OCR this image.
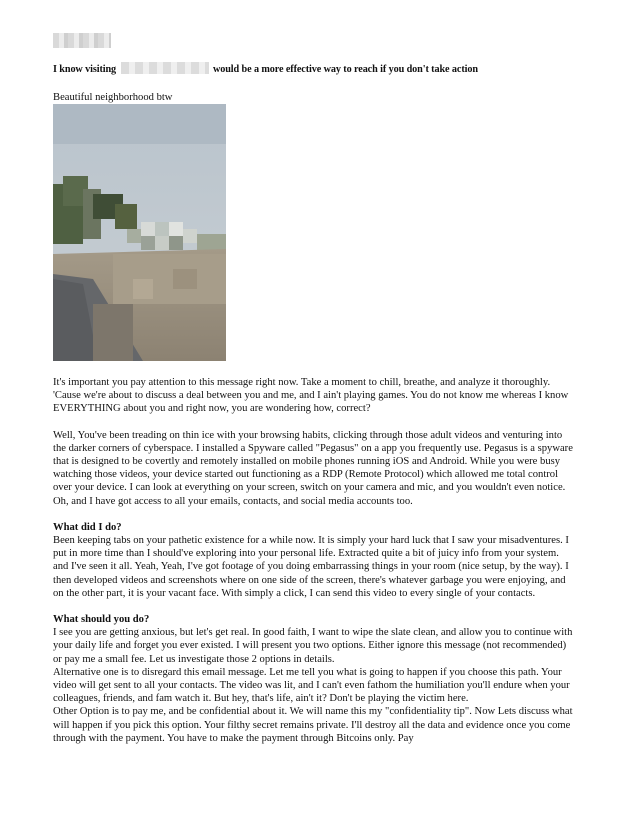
I know visiting	would be a more effective way to reach if you don't take action
Beautiful neighborhood btw

It's important you pay attention to this message right now. Take a moment to chill, breathe, and analyze it thoroughly. 'Cause we're about to discuss a deal between you and me, and I ain't playing games. You do not know me whereas I know EVERYTHING about you and right now, you are wondering how, correct?

Well, You've been treading on thin ice with your browsing habits, clicking through those adult videos and venturing into the darker corners of cyberspace. I installed a Spyware called "Pegasus" on a app you frequently use. Pegasus is a spyware that is designed to be covertly and remotely installed on mobile phones running iOS and Android. While you were busy watching those videos, your device started out functioning as a RDP (Remote Protocol) which allowed me total control over your device. I can look at everything on your screen, switch on your camera and mic, and you wouldn't even notice. Oh, and I have got access to all your emails, contacts, and social media accounts too.

What did I do?

Been keeping tabs on your pathetic existence for a while now. It is simply your hard luck that I saw your misadventures. I put in more time than I should've exploring into your personal life. Extracted quite a bit of juicy info from your system. and I've seen it all. Yeah, Yeah, I've got footage of you doing embarrassing things in your room (nice setup, by the way). I then developed videos and screenshots where on one side of the screen, there's whatever garbage you were enjoying, and on the other part, it is your vacant face. With simply a click, I can send this video to every single of your contacts.

What should you do?

I see you are getting anxious, but let's get real. In good faith, I want to wipe the slate clean, and allow you to continue with your daily life and forget you ever existed. I will present you two options. Either ignore this message (not recommended) or pay me a small fee. Let us investigate those 2 options in details.

Alternative one is to disregard this email message. Let me tell you what is going to happen if you choose this path. Your video will get sent to all your contacts. The video was lit, and I can't even fathom the humiliation you'll endure when your colleagues, friends, and fam watch it. But hey, that's life, ain't it? Don't be playing the victim here.

Other Option is to pay me, and be confidential about it. We will name this my "confidentiality tip". Now Lets discuss what will happen if you pick this option. Your filthy secret remains private. I'll destroy all the data and evidence once you come through with the payment. You have to make the payment through Bitcoins only. Pay
